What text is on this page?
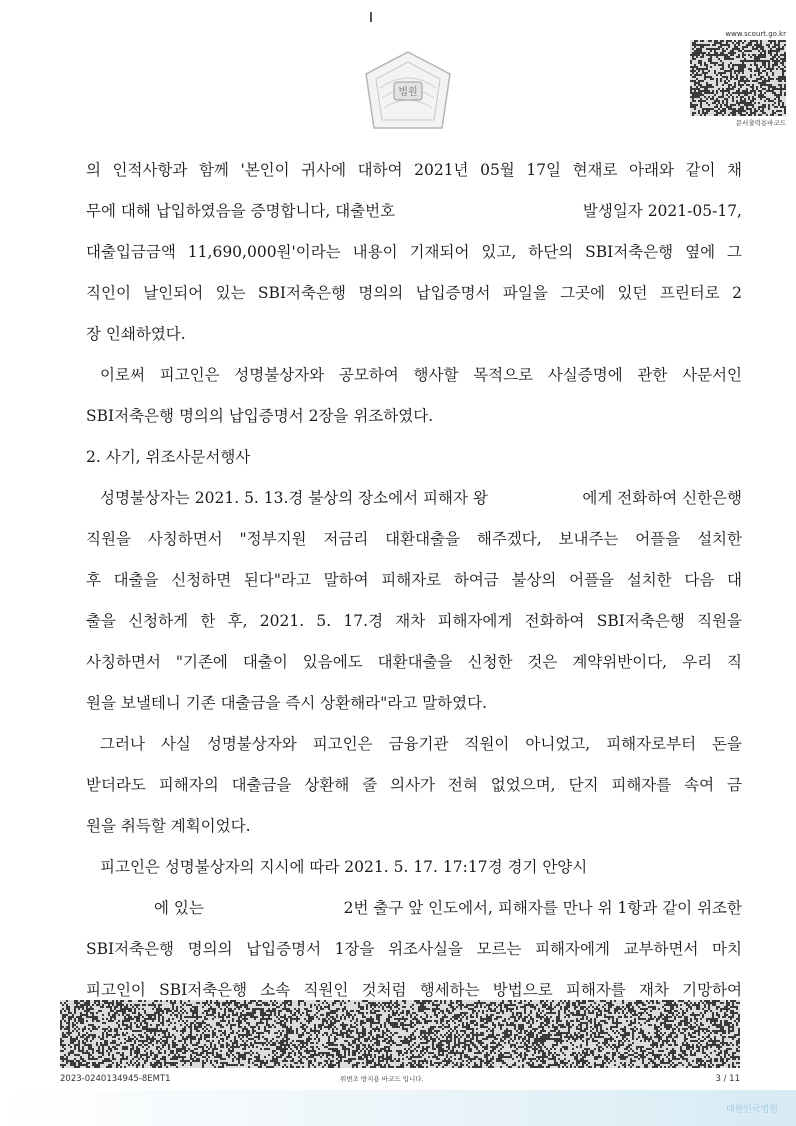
법원
www.scourt.go.kr
문서출력용바코드
의 인적사항과 함께 '본인이 귀사에 대하여 2021년 05월 17일 현재로 아래와 같이 채
무에 대해 납입하였음을 증명합니다, 대출번호	발생일자 2021-05-17,
대출입금금액 11,690,000원'이라는 내용이 기재되어 있고, 하단의 SBI저축은행 옆에 그
직인이 날인되어 있는 SBI저축은행 명의의 납입증명서 파일을 그곳에 있던 프린터로 2
장 인쇄하였다.
이로써 피고인은 성명불상자와 공모하여 행사할 목적으로 사실증명에 관한 사문서인
SBI저축은행 명의의 납입증명서 2장을 위조하였다.
2. 사기, 위조사문서행사
성명불상자는 2021. 5. 13.경 불상의 장소에서 피해자 왕	에게 전화하여 신한은행
직원을 사칭하면서 "정부지원 저금리 대환대출을 해주겠다, 보내주는 어플을 설치한
후 대출을 신청하면 된다"라고 말하여 피해자로 하여금 불상의 어플을 설치한 다음 대
출을 신청하게 한 후, 2021. 5. 17.경 재차 피해자에게 전화하여 SBI저축은행 직원을
사칭하면서 "기존에 대출이 있음에도 대환대출을 신청한 것은 계약위반이다, 우리 직
원을 보낼테니 기존 대출금을 즉시 상환해라"라고 말하였다.
그러나 사실 성명불상자와 피고인은 금융기관 직원이 아니었고, 피해자로부터 돈을
받더라도 피해자의 대출금을 상환해 줄 의사가 전혀 없었으며, 단지 피해자를 속여 금
원을 취득할 계획이었다.
피고인은 성명불상자의 지시에 따라 2021. 5. 17. 17:17경 경기 안양시
에 있는	2번 출구 앞 인도에서, 피해자를 만나 위 1항과 같이 위조한
SBI저축은행 명의의 납입증명서 1장을 위조사실을 모르는 피해자에게 교부하면서 마치
피고인이 SBI저축은행 소속 직원인 것처럼 행세하는 방법으로 피해자를 재차 기망하여
2023-0240134945-8EMT1	위변조 방지용 바코드 입니다.	3 / 11
대한민국법원
